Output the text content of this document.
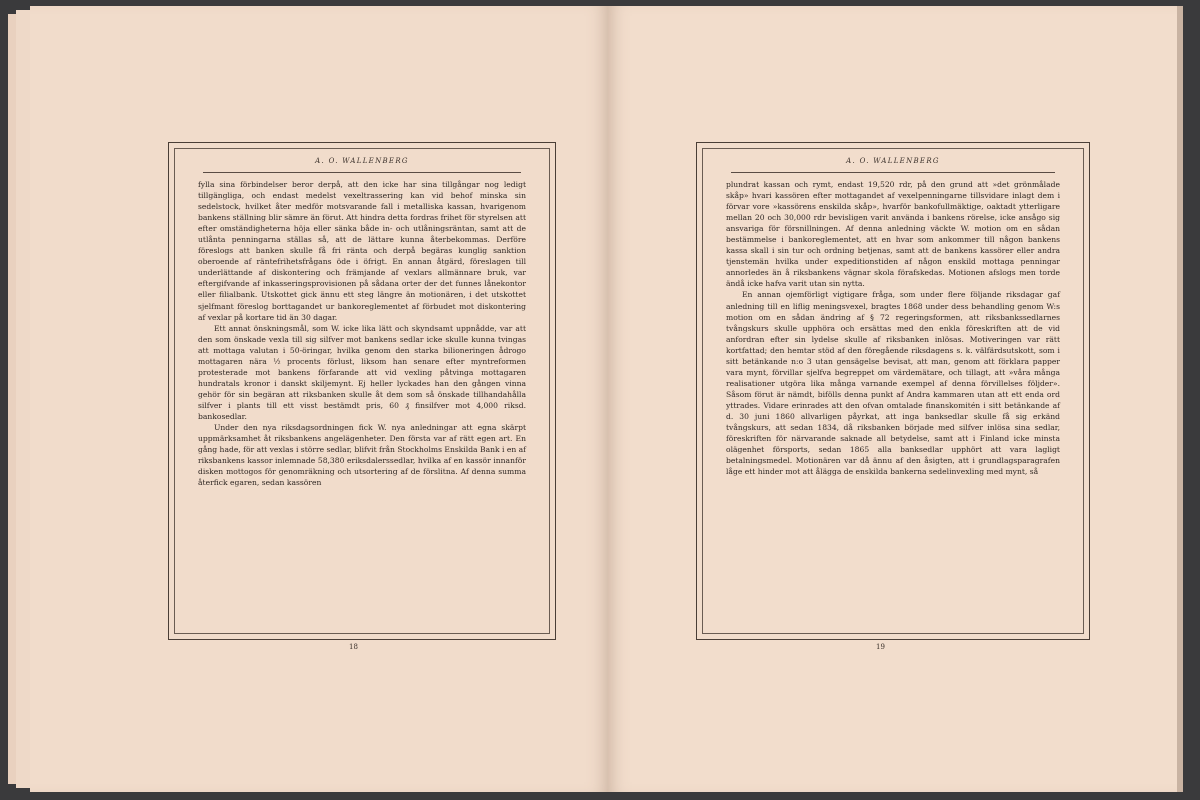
A. O. WALLENBERG

fylla sina förbindelser beror derpå, att den icke har sina tillgångar nog ledigt tillgängliga, och endast medelst vexeltrassering kan vid behof minska sin sedelstock, hvilket åter medför motsvarande fall i metalliska kassan, hvarigenom bankens ställning blir sämre än förut. Att hindra detta fordras frihet för styrelsen att efter omständigheterna höja eller sänka både in- och utlåningsräntan, samt att de utlånta penningarna ställas så, att de lättare kunna återbekommas. Derföre föreslogs att banken skulle få fri ränta och derpå begäras kunglig sanktion oberoende af räntefrihetsfrågans öde i öfrigt. En annan åtgärd, föreslagen till underlättande af diskontering och främjande af vexlars allmännare bruk, var eftergifvande af inkasseringsprovisionen på sådana orter der det funnes lånekontor eller filialbank. Utskottet gick ännu ett steg längre än motionären, i det utskottet sjelfmant föreslog borttagandet ur bankoreglementet af förbudet mot diskontering af vexlar på kortare tid än 30 dagar.

Ett annat önskningsmål, som W. icke lika lätt och skyndsamt uppnådde, var att den som önskade vexla till sig silfver mot bankens sedlar icke skulle kunna tvingas att mottaga valutan i 50-öringar, hvilka genom den starka bilioneringen ådrogo mottagaren nära ½ procents förlust, liksom han senare efter myntreformen protesterade mot bankens förfarande att vid vexling påtvinga mottagaren hundratals kronor i danskt skiljemynt. Ej heller lyckades han den gången vinna gehör för sin begäran att riksbanken skulle åt dem som så önskade tillhandahålla silfver i plants till ett visst bestämdt pris, 60 ₰ finsilfver mot 4,000 riksd. bankosedlar.

Under den nya riksdagsordningen fick W. nya anledningar att egna skärpt uppmärksamhet åt riksbankens angelägenheter. Den första var af rätt egen art. En gång hade, för att vexlas i större sedlar, blifvit från Stockholms Enskilda Bank i en af riksbankens kassor inlemnade 58,380 eriksdalerssedlar, hvilka af en kassör innanför disken mottogos för genomräkning och utsortering af de förslitna. Af denna summa återfick egaren, sedan kassören

18
A. O. WALLENBERG

plundrat kassan och rymt, endast 19,520 rdr, på den grund att »det grönmålade skåp» hvari kassören efter mottagandet af vexelpenningarne tillsvidare inlagt dem i förvar vore »kassörens enskilda skåp», hvarför bankofullmäktige, oaktadt ytterligare mellan 20 och 30,000 rdr bevisligen varit använda i bankens rörelse, icke ansågo sig ansvariga för försnillningen. Af denna anledning väckte W. motion om en sådan bestämmelse i bankoreglementet, att en hvar som ankommer till någon bankens kassa skall i sin tur och ordning betjenas, samt att de bankens kassörer eller andra tjenstemän hvilka under expeditionstiden af någon enskild mottaga penningar annorledes än å riksbankens vägnar skola förafskedas. Motionen afslogs men torde ändå icke hafva varit utan sin nytta.

En annan ojemförligt vigtigare fråga, som under flere följande riksdagar gaf anledning till en liflig meningsvexel, bragtes 1868 under dess behandling genom W:s motion om en sådan ändring af § 72 regeringsformen, att riksbankssedlarnes tvångskurs skulle upphöra och ersättas med den enkla föreskriften att de vid anfordran efter sin lydelse skulle af riksbanken inlösas. Motiveringen var rätt kortfattad; den hemtar stöd af den föregående riksdagens s. k. välfärdsutskott, som i sitt betänkande n:o 3 utan gensägelse bevisat, att man, genom att förklara papper vara mynt, förvillar sjelfva begreppet om värdemätare, och tillagt, att »våra många realisationer utgöra lika många varnande exempel af denna förvillelses följder». Såsom förut är nämdt, bifölls denna punkt af Andra kammaren utan att ett enda ord yttrades. Vidare erinrades att den ofvan omtalade finanskomitén i sitt betänkande af d. 30 juni 1860 allvarligen påyrkat, att inga banksedlar skulle få sig erkänd tvångskurs, att sedan 1834, då riksbanken började med silfver inlösa sina sedlar, föreskriften för närvarande saknade all betydelse, samt att i Finland icke minsta olägenhet försports, sedan 1865 alla banksedlar upphört att vara lagligt betalningsmedel. Motionären var då ännu af den åsigten, att i grundlagsparagrafen låge ett hinder mot att ålägga de enskilda bankerna sedelinvexling med mynt, så

19
